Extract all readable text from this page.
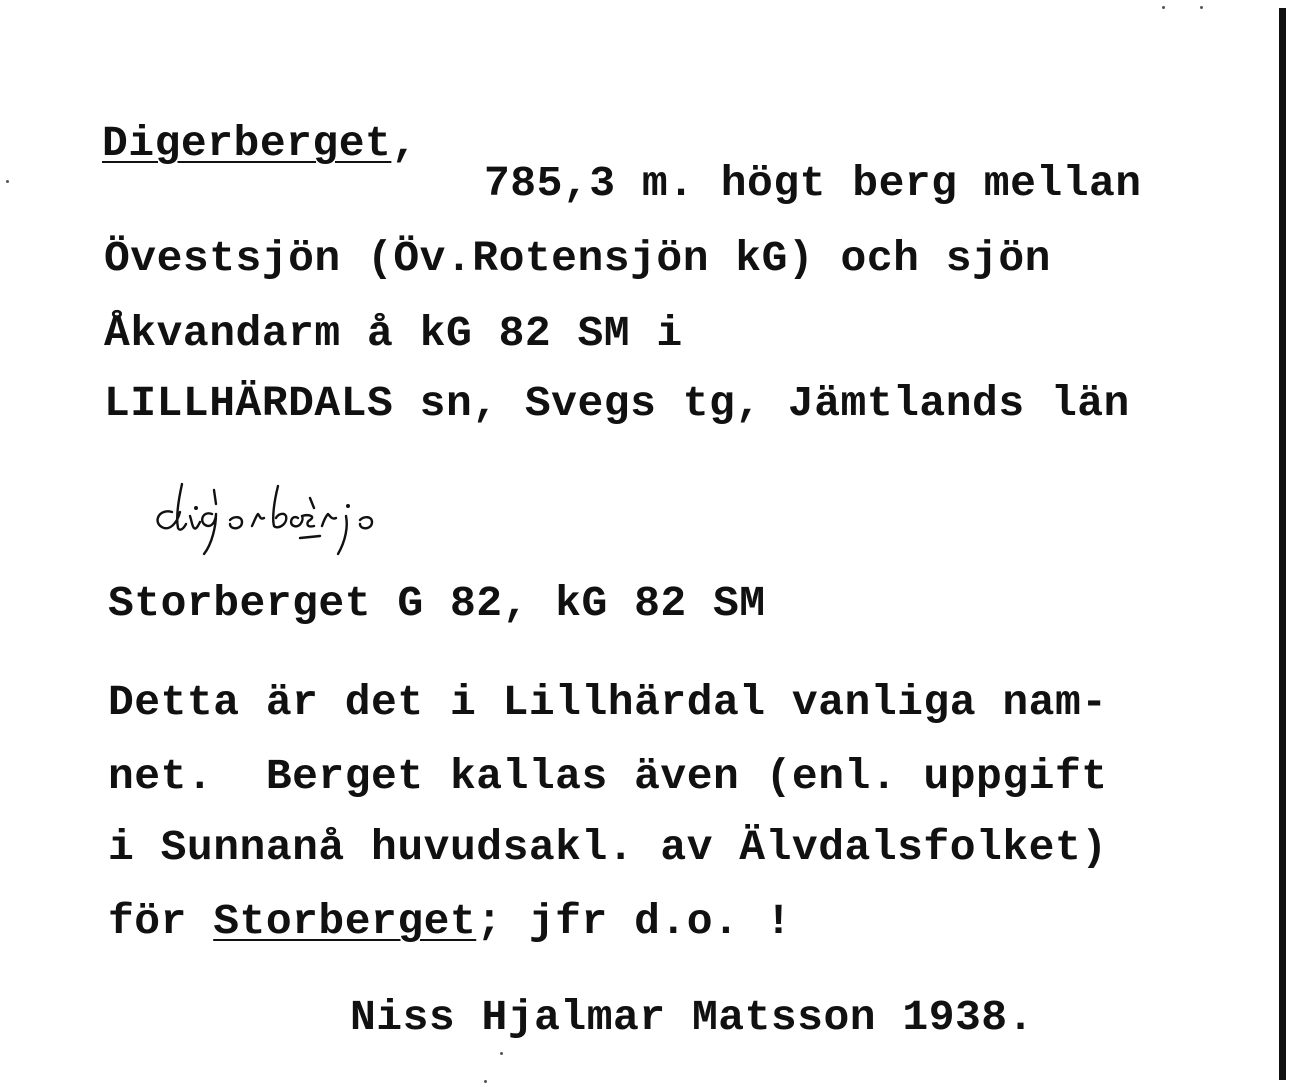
Digerberget,
785,3 m. högt berg mellan
Övestsjön (Öv.Rotensjön kG) och sjön
Åkvandarm å kG 82 SM i
LILLHÄRDALS sn, Svegs tg, Jämtlands län
Storberget G 82, kG 82 SM
Detta är det i Lillhärdal vanliga nam-
net.  Berget kallas även (enl. uppgift
i Sunnanå huvudsakl. av Älvdalsfolket)
för Storberget; jfr d.o. !
Niss Hjalmar Matsson 1938.
